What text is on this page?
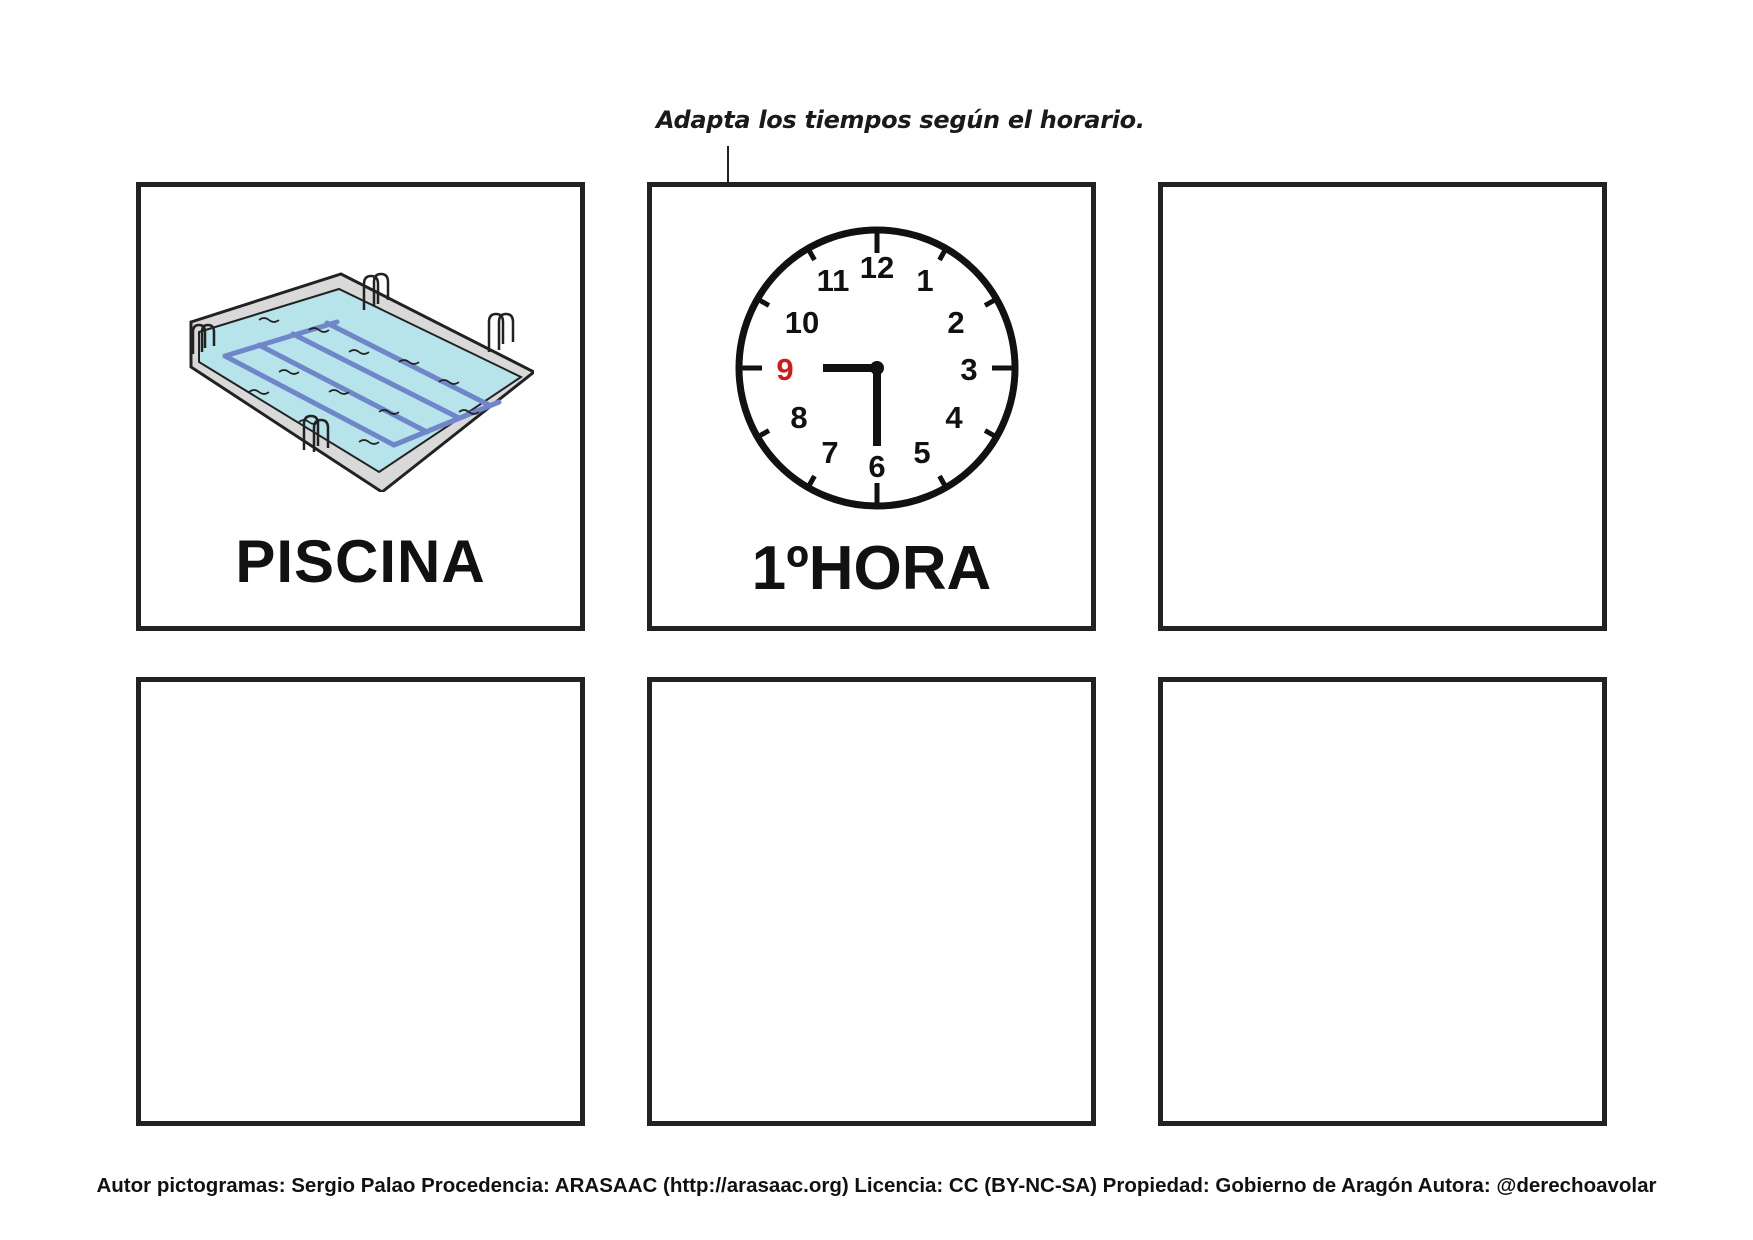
Adapta los tiempos según el horario.
PISCINA
12 1
2
3
4
5
6
7
8
9
10
11
1ºHORA
Autor pictogramas: Sergio Palao Procedencia: ARASAAC (http://arasaac.org) Licencia: CC (BY-NC-SA) Propiedad: Gobierno de Aragón Autora: @derechoavolar
